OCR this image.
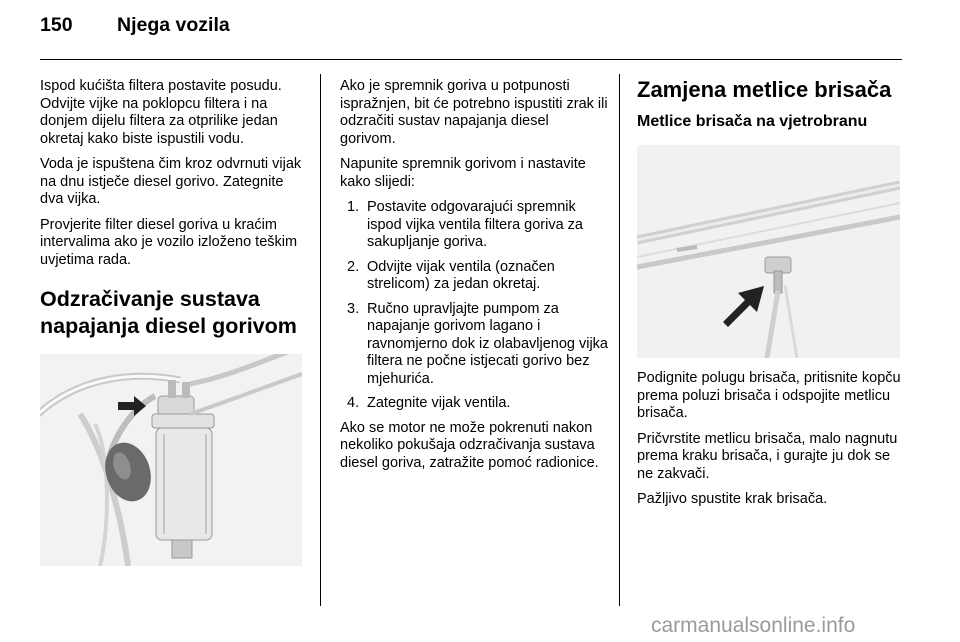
150 Njega vozila

Ispod kućišta filtera postavite posudu. Odvijte vijke na poklopcu filtera i na donjem dijelu filtera za otprilike jedan okretaj kako biste ispustili vodu.

Voda je ispuštena čim kroz odvrnuti vijak na dnu istječe diesel gorivo. Zategnite dva vijka.

Provjerite filter diesel goriva u kraćim intervalima ako je vozilo izloženo teškim uvjetima rada.

Odzračivanje sustava napajanja diesel gorivom

Ako je spremnik goriva u potpunosti ispražnjen, bit će potrebno ispustiti zrak ili odzračiti sustav napajanja diesel gorivom.

Napunite spremnik gorivom i nastavite kako slijedi:

1. Postavite odgovarajući spremnik ispod vijka ventila filtera goriva za sakupljanje goriva.
2. Odvijte vijak ventila (označen strelicom) za jedan okretaj.
3. Ručno upravljajte pumpom za napajanje gorivom lagano i ravnomjerno dok iz olabavljenog vijka filtera ne počne istjecati gorivo bez mjehurića.
4. Zategnite vijak ventila.

Ako se motor ne može pokrenuti nakon nekoliko pokušaja odzračivanja sustava diesel goriva, zatražite pomoć radionice.

Zamjena metlice brisača
Metlice brisača na vjetrobranu

Podignite polugu brisača, pritisnite kopču prema poluzi brisača i odspojite metlicu brisača.

Pričvrstite metlicu brisača, malo nagnutu prema kraku brisača, i gurajte ju dok se ne zakvači.

Pažljivo spustite krak brisača.

carmanualsonline.info
